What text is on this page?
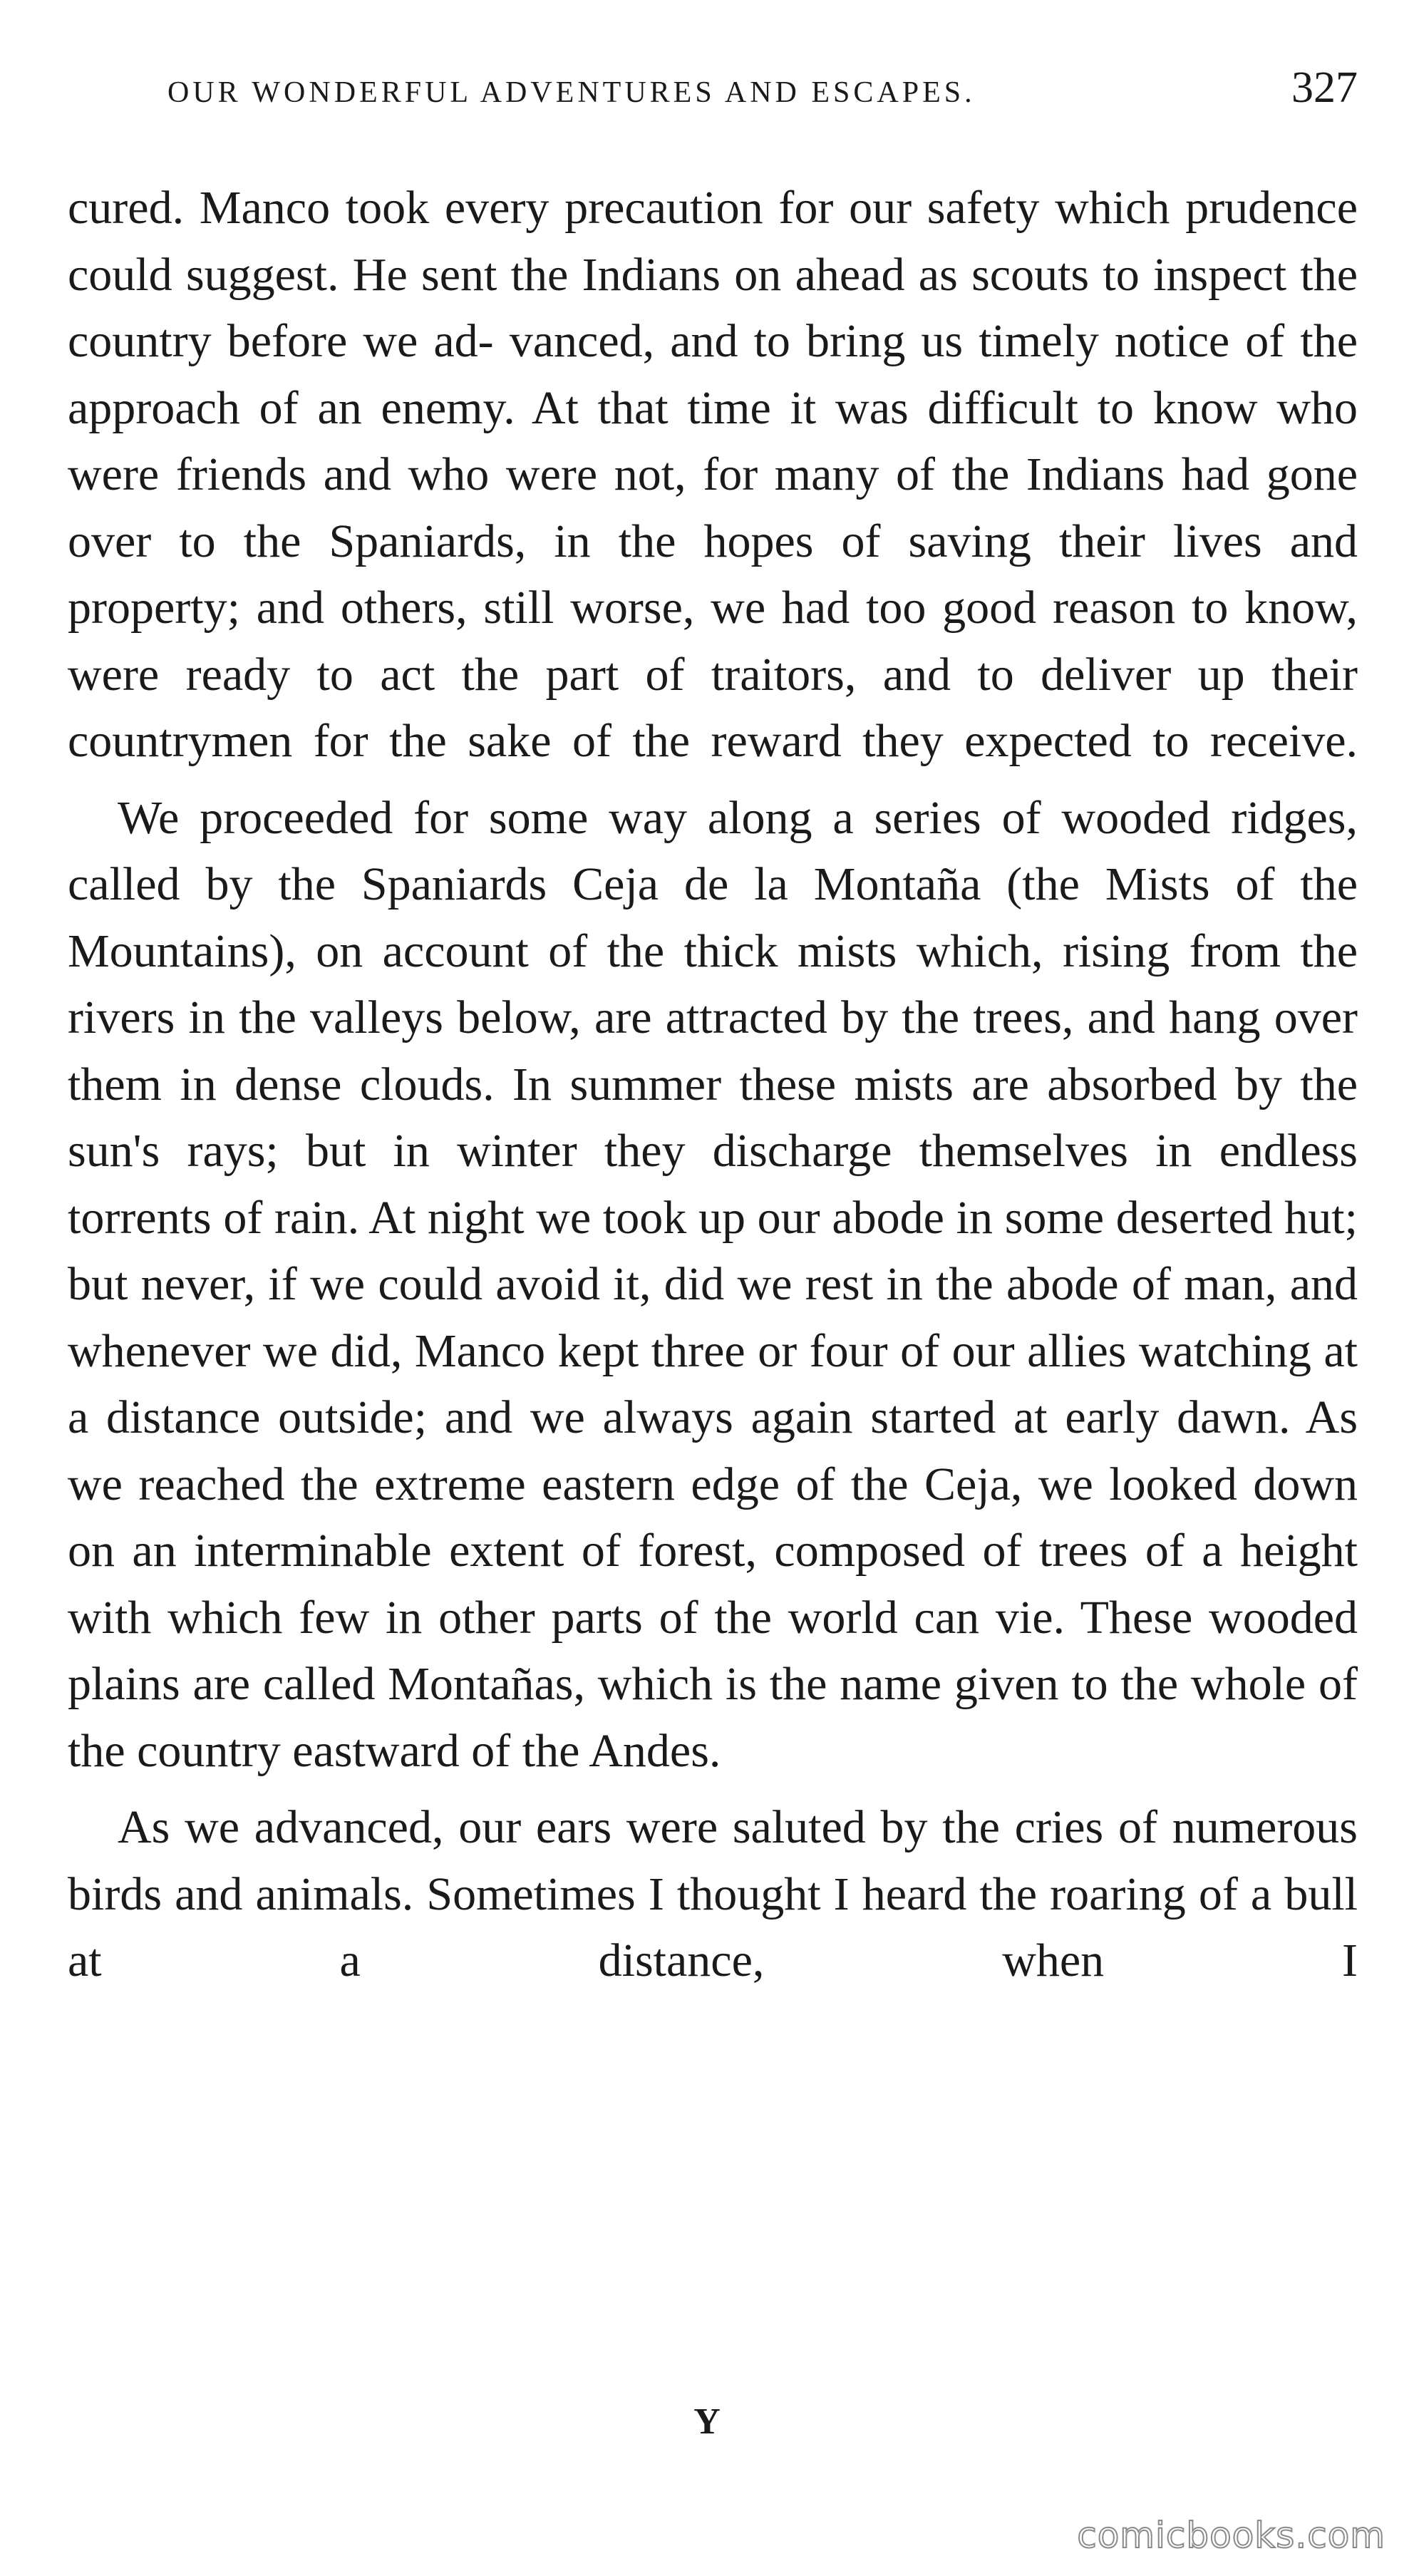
OUR WONDERFUL ADVENTURES AND ESCAPES.	327

cured. Manco took every precaution for our safety which prudence could suggest. He sent the Indians on ahead as scouts to inspect the country before we ad- vanced, and to bring us timely notice of the approach of an enemy. At that time it was difficult to know who were friends and who were not, for many of the Indians had gone over to the Spaniards, in the hopes of saving their lives and property; and others, still worse, we had too good reason to know, were ready to act the part of traitors, and to deliver up their countrymen for the sake of the reward they expected to receive.

We proceeded for some way along a series of wooded ridges, called by the Spaniards Ceja de la Montaña (the Mists of the Mountains), on account of the thick mists which, rising from the rivers in the valleys below, are attracted by the trees, and hang over them in dense clouds. In summer these mists are absorbed by the sun's rays; but in winter they discharge themselves in endless torrents of rain. At night we took up our abode in some deserted hut; but never, if we could avoid it, did we rest in the abode of man, and whenever we did, Manco kept three or four of our allies watching at a distance outside; and we always again started at early dawn. As we reached the extreme eastern edge of the Ceja, we looked down on an interminable extent of forest, composed of trees of a height with which few in other parts of the world can vie. These wooded plains are called Montañas, which is the name given to the whole of the country eastward of the Andes.

As we advanced, our ears were saluted by the cries of numerous birds and animals. Sometimes I thought I heard the roaring of a bull at a distance, when I

Y
comicbooks.com
